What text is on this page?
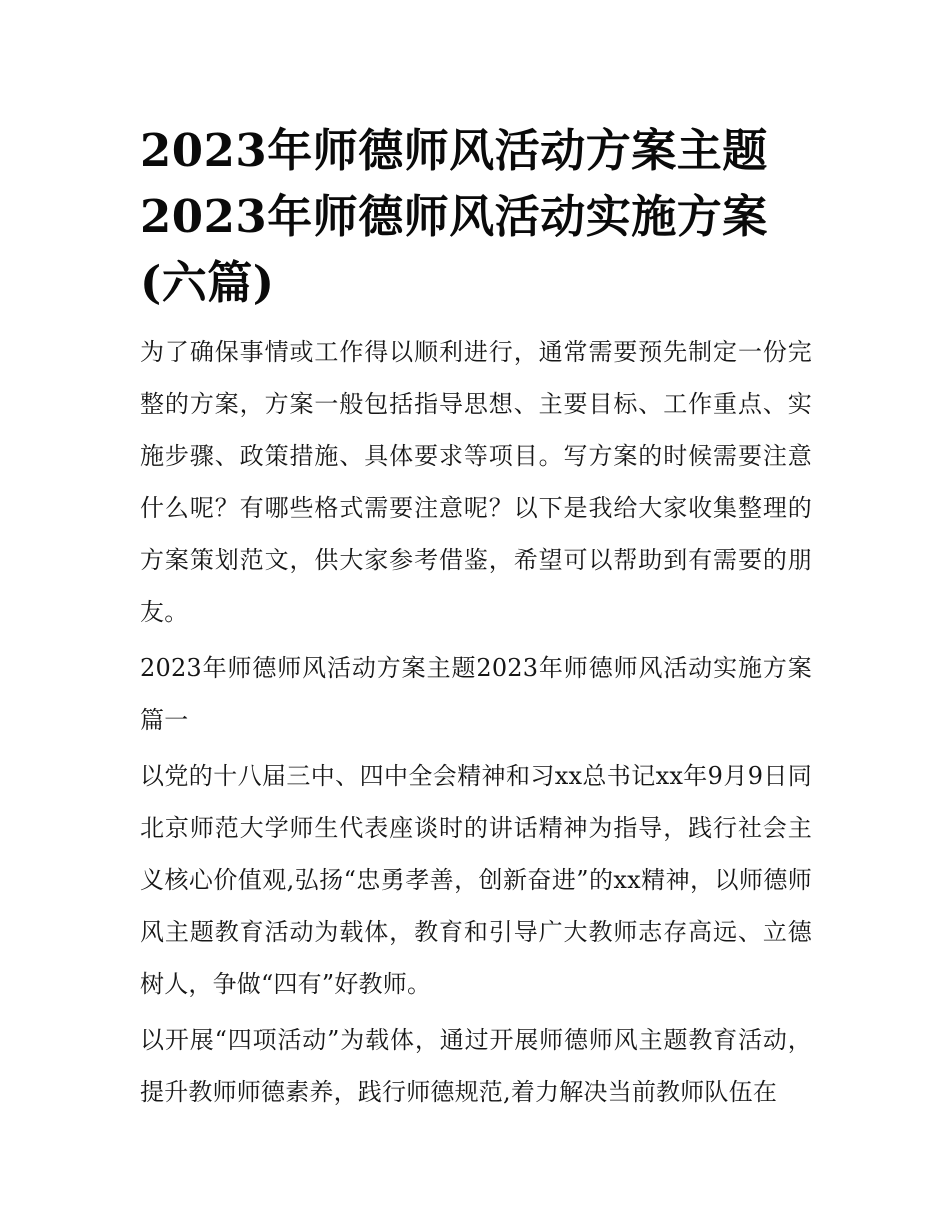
2023年师德师风活动方案主题2023年师德师风活动实施方案(六篇)

为了确保事情或工作得以顺利进行，通常需要预先制定一份完整的方案，方案一般包括指导思想、主要目标、工作重点、实施步骤、政策措施、具体要求等项目。写方案的时候需要注意什么呢？有哪些格式需要注意呢？以下是我给大家收集整理的方案策划范文，供大家参考借鉴，希望可以帮助到有需要的朋友。

2023年师德师风活动方案主题2023年师德师风活动实施方案篇一

以党的十八届三中、四中全会精神和习xx总书记xx年9月9日同北京师范大学师生代表座谈时的讲话精神为指导，践行社会主义核心价值观,弘扬“忠勇孝善，创新奋进”的xx精神，以师德师风主题教育活动为载体，教育和引导广大教师志存高远、立德树人，争做“四有”好教师。

以开展“四项活动”为载体，通过开展师德师风主题教育活动，提升教师师德素养，践行师德规范,着力解决当前教师队伍在
